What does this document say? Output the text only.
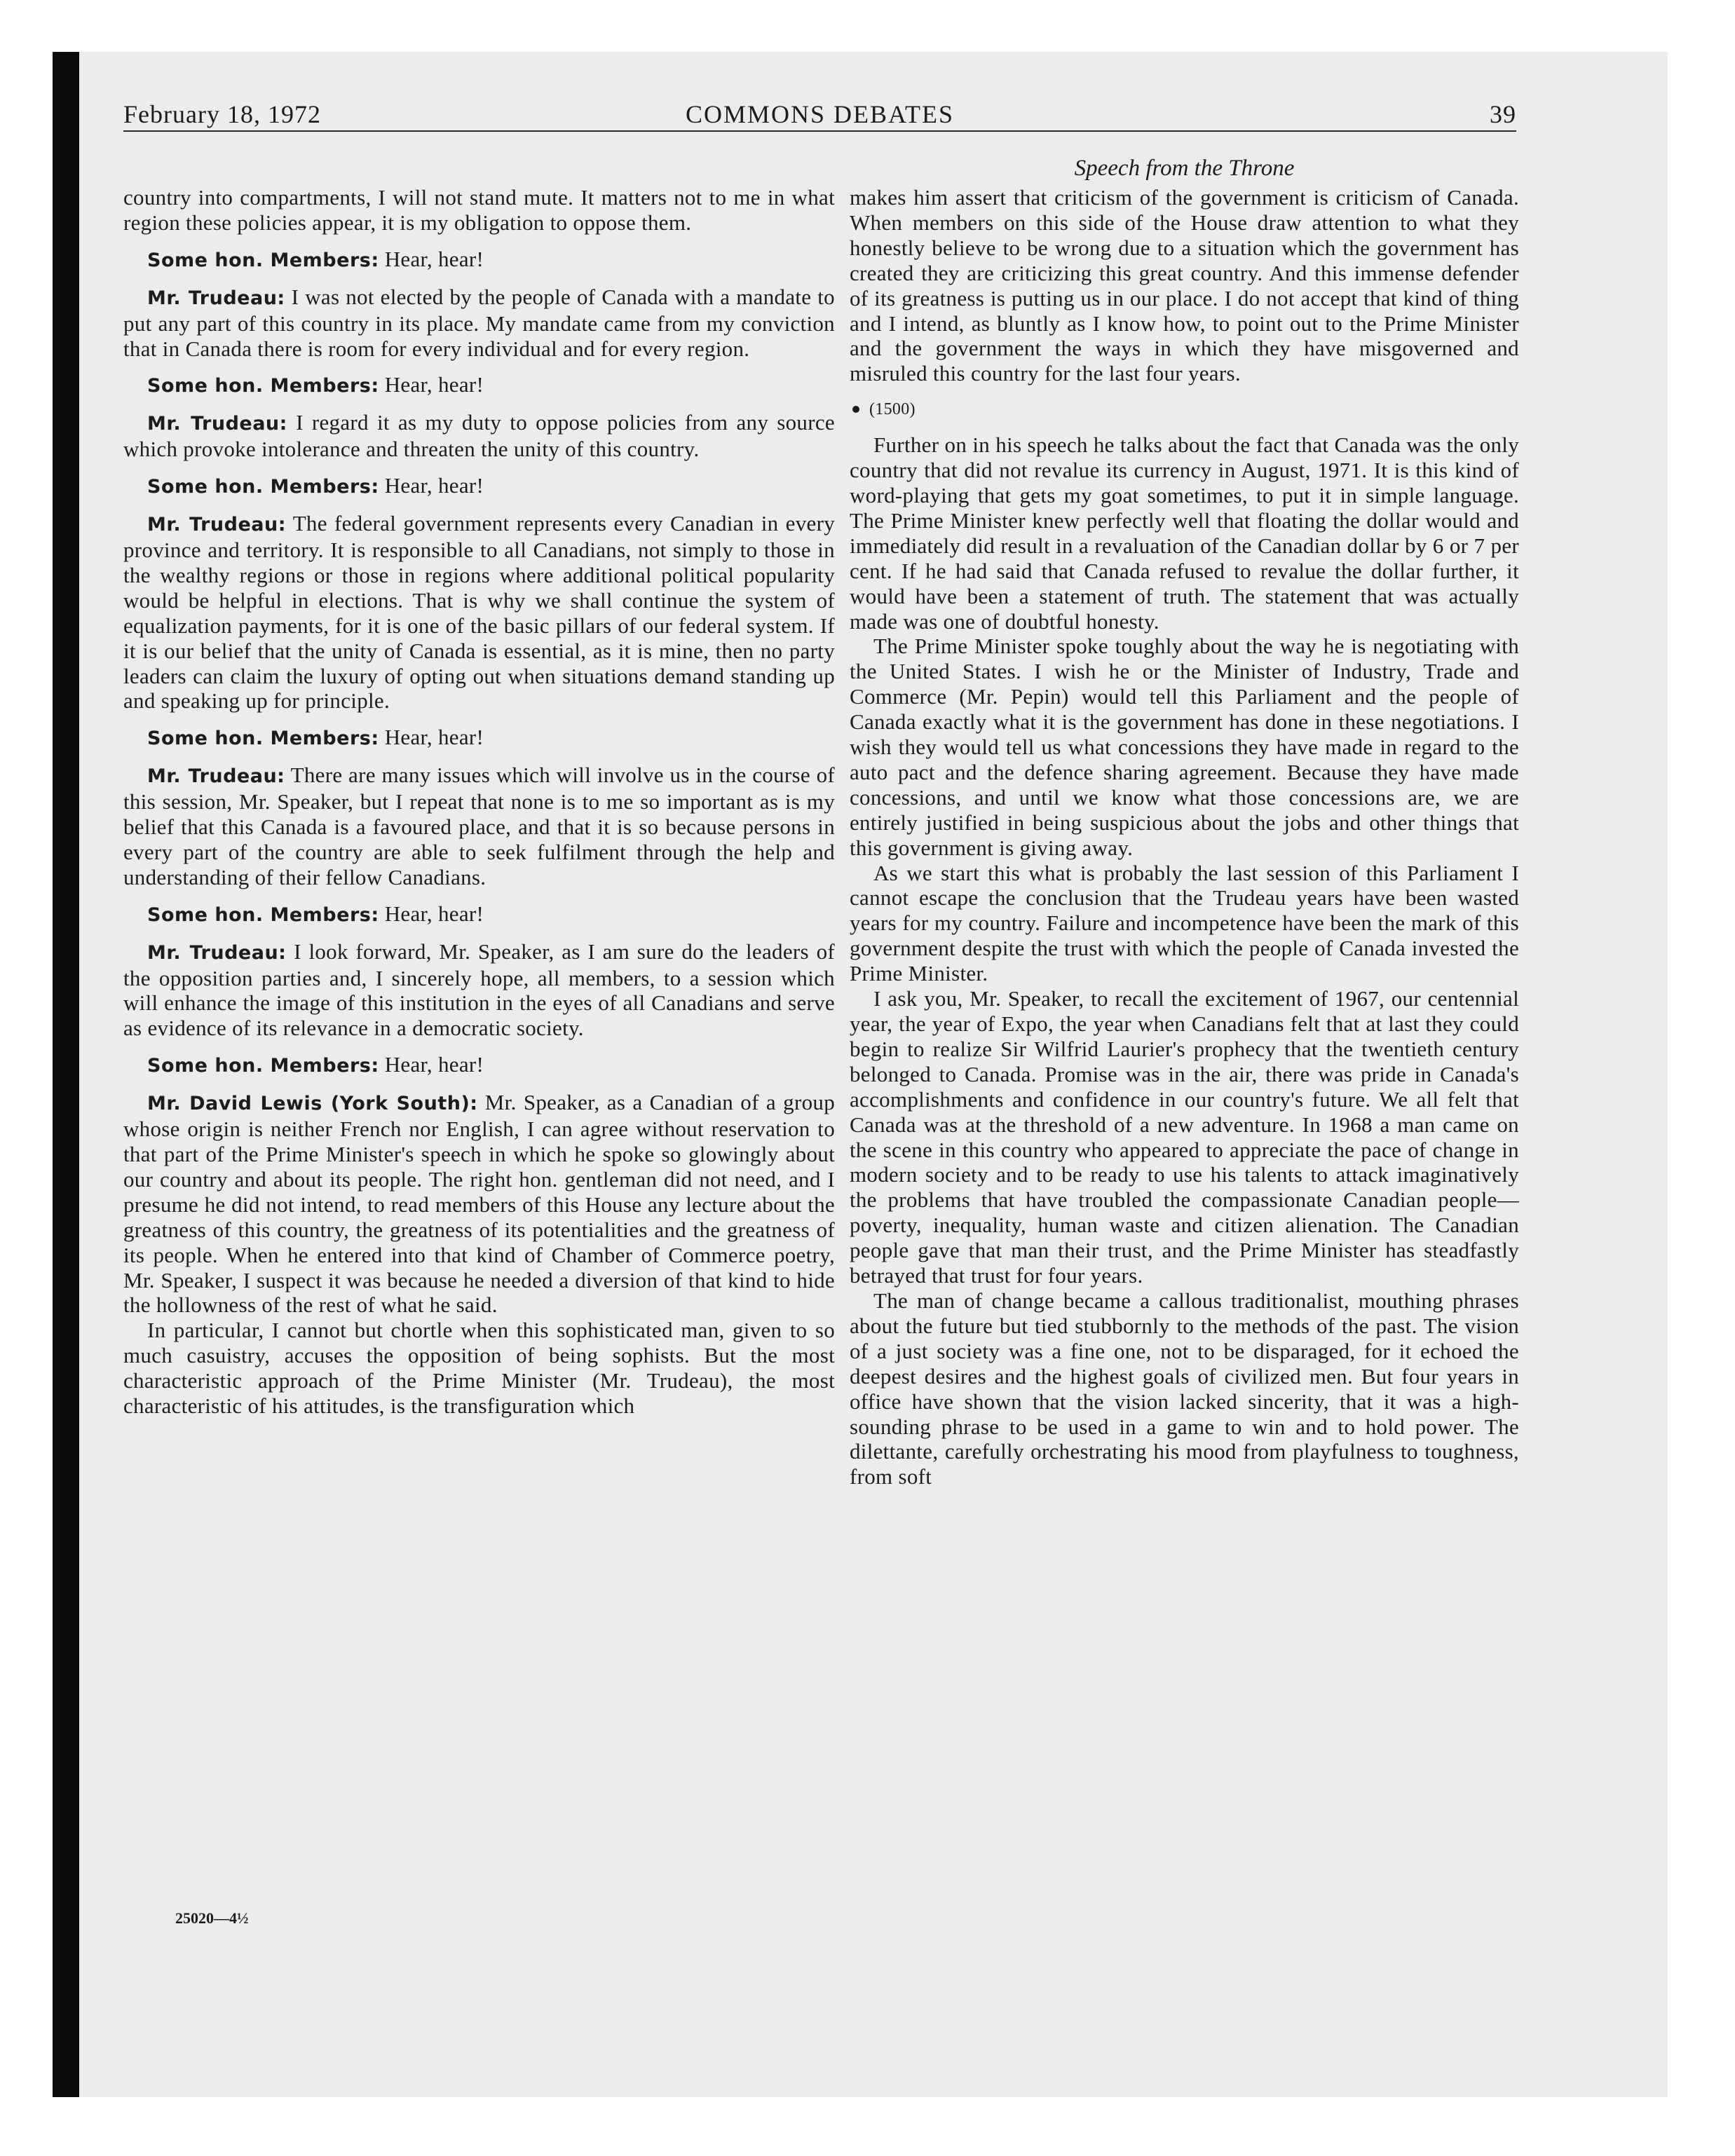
February 18, 1972	COMMONS DEBATES	39
Speech from the Throne

country into compartments, I will not stand mute. It matters not to me in what region these policies appear, it is my obligation to oppose them.

Some hon. Members: Hear, hear!

Mr. Trudeau: I was not elected by the people of Canada with a mandate to put any part of this country in its place. My mandate came from my conviction that in Canada there is room for every individual and for every region.

Some hon. Members: Hear, hear!

Mr. Trudeau: I regard it as my duty to oppose policies from any source which provoke intolerance and threaten the unity of this country.

Some hon. Members: Hear, hear!

Mr. Trudeau: The federal government represents every Canadian in every province and territory. It is responsible to all Canadians, not simply to those in the wealthy regions or those in regions where additional political popularity would be helpful in elections. That is why we shall continue the system of equalization payments, for it is one of the basic pillars of our federal system. If it is our belief that the unity of Canada is essential, as it is mine, then no party leaders can claim the luxury of opting out when situations demand standing up and speaking up for principle.

Some hon. Members: Hear, hear!

Mr. Trudeau: There are many issues which will involve us in the course of this session, Mr. Speaker, but I repeat that none is to me so important as is my belief that this Canada is a favoured place, and that it is so because persons in every part of the country are able to seek fulfilment through the help and understanding of their fellow Canadians.

Some hon. Members: Hear, hear!

Mr. Trudeau: I look forward, Mr. Speaker, as I am sure do the leaders of the opposition parties and, I sincerely hope, all members, to a session which will enhance the image of this institution in the eyes of all Canadians and serve as evidence of its relevance in a democratic society.

Some hon. Members: Hear, hear!

Mr. David Lewis (York South): Mr. Speaker, as a Canadian of a group whose origin is neither French nor English, I can agree without reservation to that part of the Prime Minister's speech in which he spoke so glowingly about our country and about its people. The right hon. gentleman did not need, and I presume he did not intend, to read members of this House any lecture about the greatness of this country, the greatness of its potentialities and the greatness of its people. When he entered into that kind of Chamber of Commerce poetry, Mr. Speaker, I suspect it was because he needed a diversion of that kind to hide the hollowness of the rest of what he said.

In particular, I cannot but chortle when this sophisticated man, given to so much casuistry, accuses the opposition of being sophists. But the most characteristic approach of the Prime Minister (Mr. Trudeau), the most characteristic of his attitudes, is the transfiguration which

makes him assert that criticism of the government is criticism of Canada. When members on this side of the House draw attention to what they honestly believe to be wrong due to a situation which the government has created they are criticizing this great country. And this immense defender of its greatness is putting us in our place. I do not accept that kind of thing and I intend, as bluntly as I know how, to point out to the Prime Minister and the government the ways in which they have misgoverned and misruled this country for the last four years.

(1500)

Further on in his speech he talks about the fact that Canada was the only country that did not revalue its currency in August, 1971. It is this kind of word-playing that gets my goat sometimes, to put it in simple language. The Prime Minister knew perfectly well that floating the dollar would and immediately did result in a revaluation of the Canadian dollar by 6 or 7 per cent. If he had said that Canada refused to revalue the dollar further, it would have been a statement of truth. The statement that was actually made was one of doubtful honesty.

The Prime Minister spoke toughly about the way he is negotiating with the United States. I wish he or the Minister of Industry, Trade and Commerce (Mr. Pepin) would tell this Parliament and the people of Canada exactly what it is the government has done in these negotiations. I wish they would tell us what concessions they have made in regard to the auto pact and the defence sharing agreement. Because they have made concessions, and until we know what those concessions are, we are entirely justified in being suspicious about the jobs and other things that this government is giving away.

As we start this what is probably the last session of this Parliament I cannot escape the conclusion that the Trudeau years have been wasted years for my country. Failure and incompetence have been the mark of this government despite the trust with which the people of Canada invested the Prime Minister.

I ask you, Mr. Speaker, to recall the excitement of 1967, our centennial year, the year of Expo, the year when Canadians felt that at last they could begin to realize Sir Wilfrid Laurier's prophecy that the twentieth century belonged to Canada. Promise was in the air, there was pride in Canada's accomplishments and confidence in our country's future. We all felt that Canada was at the threshold of a new adventure. In 1968 a man came on the scene in this country who appeared to appreciate the pace of change in modern society and to be ready to use his talents to attack imaginatively the problems that have troubled the compassionate Canadian people—poverty, inequality, human waste and citizen alienation. The Canadian people gave that man their trust, and the Prime Minister has steadfastly betrayed that trust for four years.

The man of change became a callous traditionalist, mouthing phrases about the future but tied stubbornly to the methods of the past. The vision of a just society was a fine one, not to be disparaged, for it echoed the deepest desires and the highest goals of civilized men. But four years in office have shown that the vision lacked sincerity, that it was a high-sounding phrase to be used in a game to win and to hold power. The dilettante, carefully orchestrating his mood from playfulness to toughness, from soft

25020—4½
